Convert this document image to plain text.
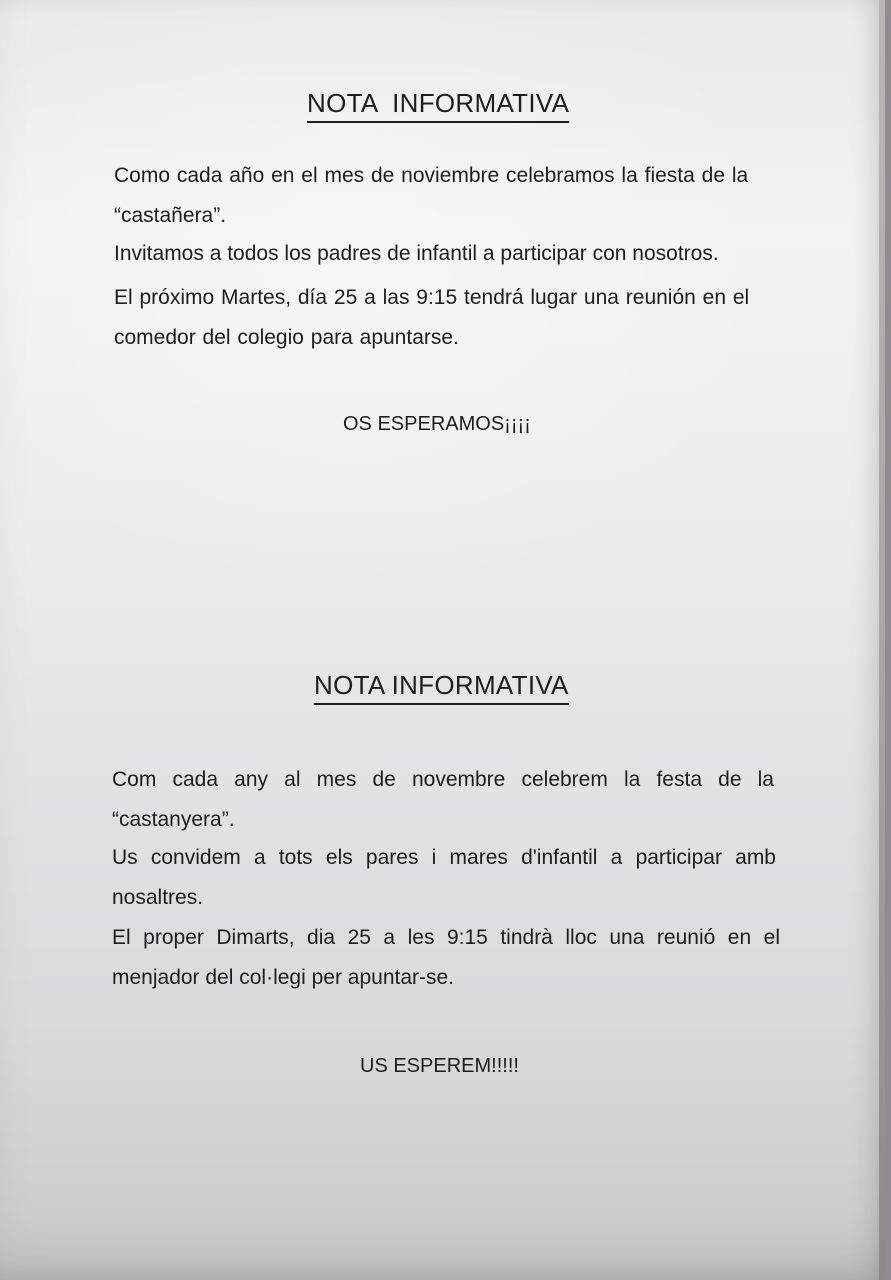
NOTA  INFORMATIVA

Como cada año en el mes de noviembre celebramos la fiesta de la “castañera”.

Invitamos a todos los padres de infantil a participar con nosotros.

El próximo Martes, día 25 a las 9:15 tendrá lugar una reunión en el comedor del colegio para apuntarse.

OS ESPERAMOS¡¡¡¡
NOTA INFORMATIVA

Com cada any al mes de novembre celebrem la festa de la “castanyera”.

Us convidem a tots els pares i mares d'infantil a participar amb nosaltres.

El proper Dimarts, dia 25 a les 9:15 tindrà lloc una reunió en el menjador del col·legi per apuntar-se.

US ESPEREM!!!!!
